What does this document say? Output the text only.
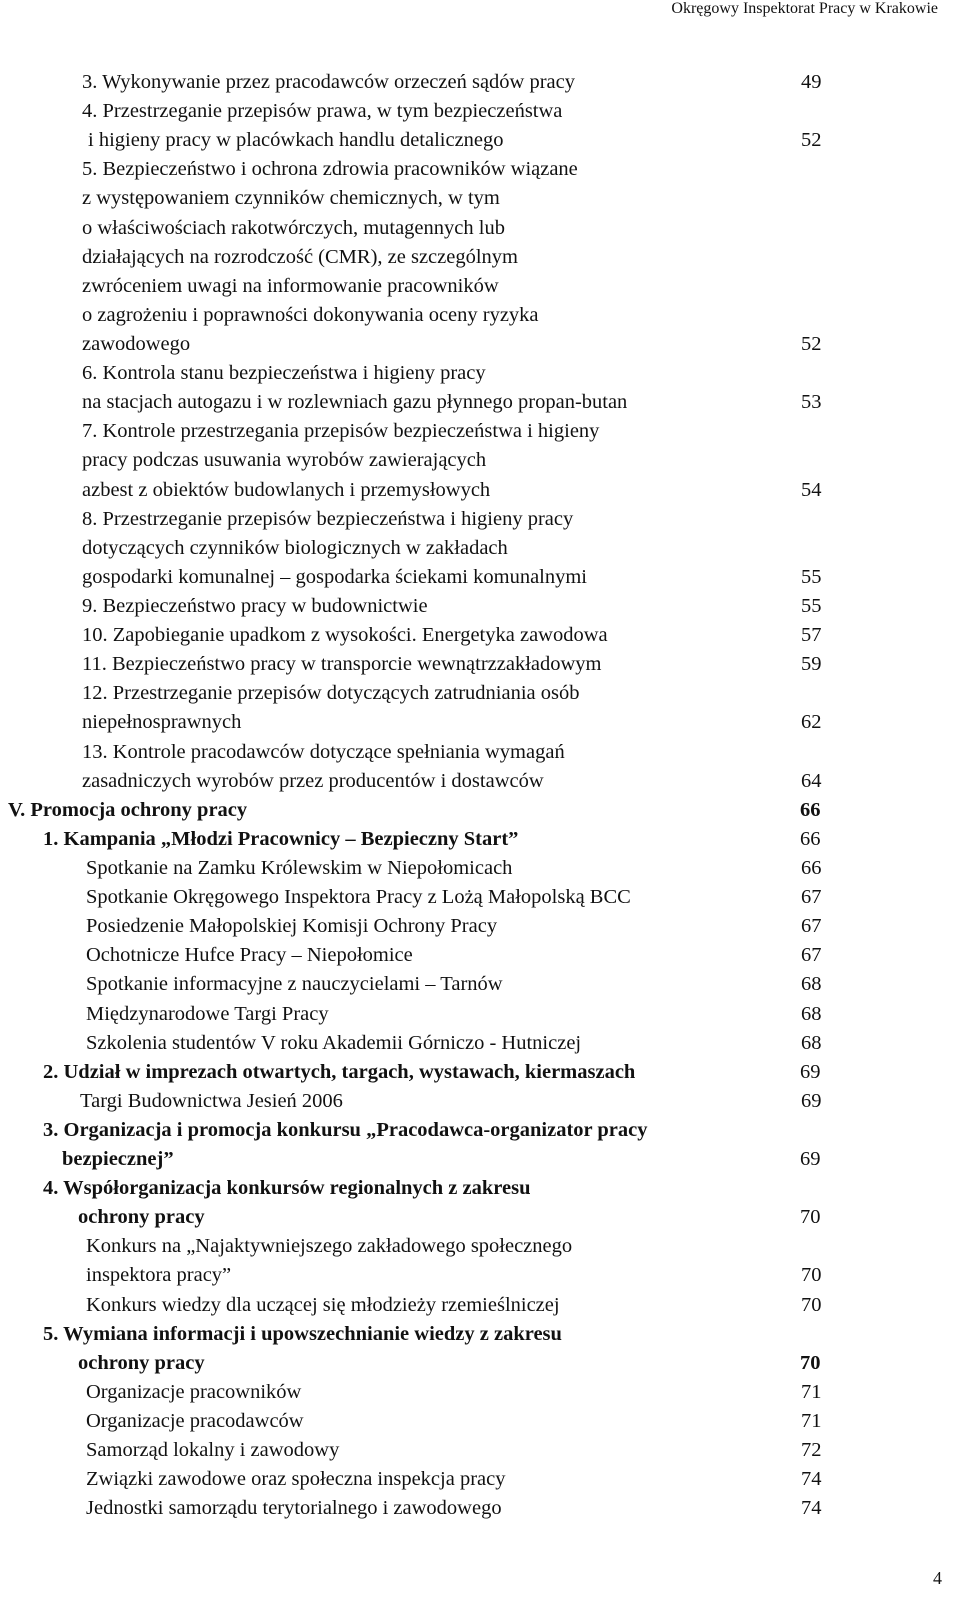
Okręgowy Inspektorat Pracy w Krakowie
3. Wykonywanie przez pracodawców orzeczeń sądów pracy	49
4. Przestrzeganie przepisów prawa, w tym bezpieczeństwa
i higieny pracy w placówkach handlu detalicznego	52
5. Bezpieczeństwo i ochrona zdrowia pracowników wiązane
z występowaniem czynników chemicznych, w tym
o właściwościach rakotwórczych, mutagennych lub
działających na rozrodczość (CMR), ze szczególnym
zwróceniem uwagi na informowanie pracowników
o zagrożeniu i poprawności dokonywania oceny ryzyka
zawodowego	52
6. Kontrola stanu bezpieczeństwa i higieny pracy
na stacjach autogazu i w rozlewniach gazu płynnego propan-butan	53
7. Kontrole przestrzegania przepisów bezpieczeństwa i higieny
pracy podczas usuwania wyrobów zawierających
azbest z obiektów budowlanych i przemysłowych	54
8. Przestrzeganie przepisów bezpieczeństwa i higieny pracy
dotyczących czynników biologicznych w zakładach
gospodarki komunalnej – gospodarka ściekami komunalnymi	55
9. Bezpieczeństwo pracy w budownictwie	55
10. Zapobieganie upadkom z wysokości. Energetyka zawodowa	57
11. Bezpieczeństwo pracy w transporcie wewnątrzzakładowym	59
12. Przestrzeganie przepisów dotyczących zatrudniania osób
niepełnosprawnych	62
13. Kontrole pracodawców dotyczące spełniania wymagań
zasadniczych wyrobów przez producentów i dostawców	64
V. Promocja ochrony pracy	66
1. Kampania „Młodzi Pracownicy – Bezpieczny Start”	66
Spotkanie na Zamku Królewskim w Niepołomicach	66
Spotkanie Okręgowego Inspektora Pracy z Lożą Małopolską BCC	67
Posiedzenie Małopolskiej Komisji Ochrony Pracy	67
Ochotnicze Hufce Pracy – Niepołomice	67
Spotkanie informacyjne z nauczycielami – Tarnów	68
Międzynarodowe Targi Pracy	68
Szkolenia studentów V roku Akademii Górniczo - Hutniczej	68
2. Udział w imprezach otwartych, targach, wystawach, kiermaszach	69
Targi Budownictwa Jesień 2006	69
3. Organizacja i promocja konkursu „Pracodawca-organizator pracy
bezpiecznej”	69
4. Współorganizacja konkursów regionalnych z zakresu
ochrony pracy	70
Konkurs na „Najaktywniejszego zakładowego społecznego
inspektora pracy”	70
Konkurs wiedzy dla uczącej się młodzieży rzemieślniczej	70
5. Wymiana informacji i upowszechnianie wiedzy z zakresu
ochrony pracy	70
Organizacje pracowników	71
Organizacje pracodawców	71
Samorząd lokalny i zawodowy	72
Związki zawodowe oraz społeczna inspekcja pracy	74
Jednostki samorządu terytorialnego i zawodowego	74
4
